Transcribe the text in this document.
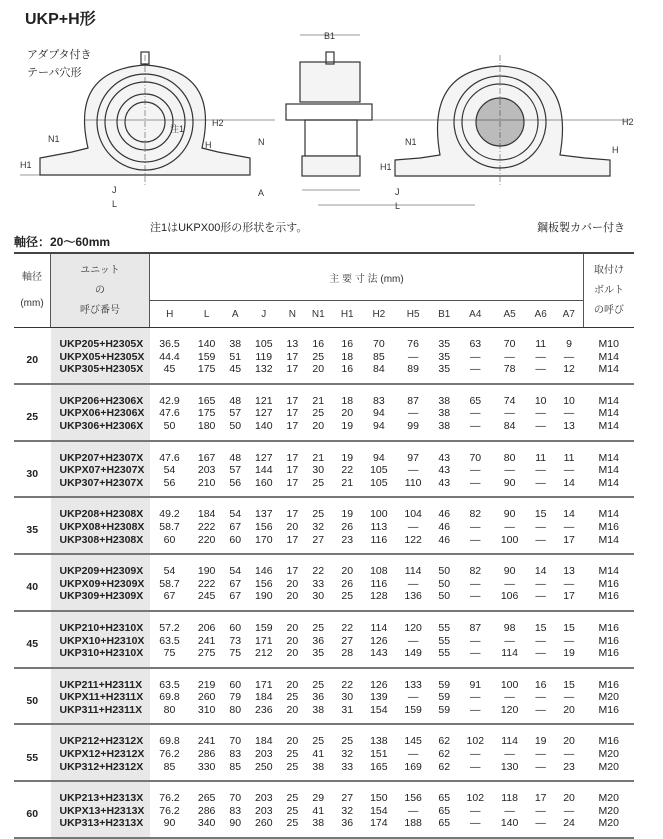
UKP+H形
アダプタ付き
テーパ穴形
B1
H2
H
注1
N1
H1
J
L
A
N
H2
H
N1
H1
J
L
注1はUKPX00形の形状を示す。	鋼板製カバー付き
軸径：20～60mm
軸径
(mm)	ユニット
の
呼び番号	主 要 寸 法 (mm)														取付け
ボルト
の呼び
		H	L	A	J	N	N1	H1	H2	H5	B1	A4	A5	A6	A7	
20	UKP205+H2305X	36.5	140	38	105	13	16	16	70	76	35	63	70	11	9	M10
	UKPX05+H2305X	44.4	159	51	119	17	25	18	85	—	35	—	—	—	—	M14
	UKP305+H2305X	45	175	45	132	17	20	16	84	89	35	—	78	—	12	M14
25	UKP206+H2306X	42.9	165	48	121	17	21	18	83	87	38	65	74	10	10	M14
	UKPX06+H2306X	47.6	175	57	127	17	25	20	94	—	38	—	—	—	—	M14
	UKP306+H2306X	50	180	50	140	17	20	19	94	99	38	—	84	—	13	M14
30	UKP207+H2307X	47.6	167	48	127	17	21	19	94	97	43	70	80	11	11	M14
	UKPX07+H2307X	54	203	57	144	17	30	22	105	—	43	—	—	—	—	M14
	UKP307+H2307X	56	210	56	160	17	25	21	105	110	43	—	90	—	14	M14
35	UKP208+H2308X	49.2	184	54	137	17	25	19	100	104	46	82	90	15	14	M14
	UKPX08+H2308X	58.7	222	67	156	20	32	26	113	—	46	—	—	—	—	M16
	UKP308+H2308X	60	220	60	170	17	27	23	116	122	46	—	100	—	17	M14
40	UKP209+H2309X	54	190	54	146	17	22	20	108	114	50	82	90	14	13	M14
	UKPX09+H2309X	58.7	222	67	156	20	33	26	116	—	50	—	—	—	—	M16
	UKP309+H2309X	67	245	67	190	20	30	25	128	136	50	—	106	—	17	M16
45	UKP210+H2310X	57.2	206	60	159	20	25	22	114	120	55	87	98	15	15	M16
	UKPX10+H2310X	63.5	241	73	171	20	36	27	126	—	55	—	—	—	—	M16
	UKP310+H2310X	75	275	75	212	20	35	28	143	149	55	—	114	—	19	M16
50	UKP211+H2311X	63.5	219	60	171	20	25	22	126	133	59	91	100	16	15	M16
	UKPX11+H2311X	69.8	260	79	184	25	36	30	139	—	59	—	—	—	—	M20
	UKP311+H2311X	80	310	80	236	20	38	31	154	159	59	—	120	—	20	M16
55	UKP212+H2312X	69.8	241	70	184	20	25	25	138	145	62	102	114	19	20	M16
	UKPX12+H2312X	76.2	286	83	203	25	41	32	151	—	62	—	—	—	—	M20
	UKP312+H2312X	85	330	85	250	25	38	33	165	169	62	—	130	—	23	M20
60	UKP213+H2313X	76.2	265	70	203	25	29	27	150	156	65	102	118	17	20	M20
	UKPX13+H2313X	76.2	286	83	203	25	41	32	154	—	65	—	—	—	—	M20
	UKP313+H2313X	90	340	90	260	25	38	36	174	188	65	—	140	—	24	M20
